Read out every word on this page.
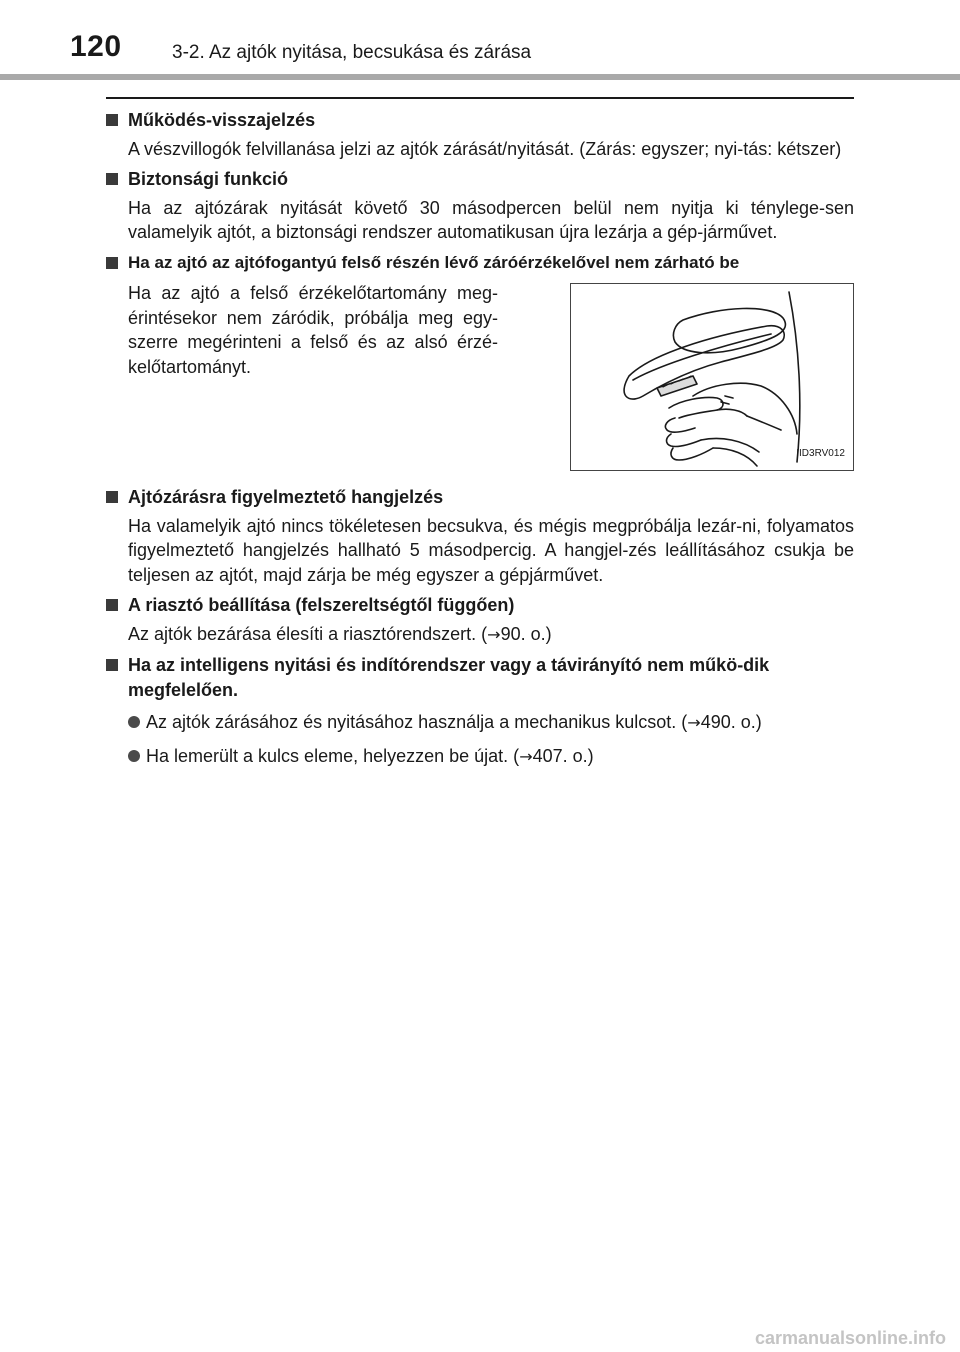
120	3-2. Az ajtók nyitása, becsukása és zárása
Működés-visszajelzés
A vészvillogók felvillanása jelzi az ajtók zárását/nyitását. (Zárás: egyszer; nyi-tás: kétszer)
Biztonsági funkció
Ha az ajtózárak nyitását követő 30 másodpercen belül nem nyitja ki ténylege-sen valamelyik ajtót, a biztonsági rendszer automatikusan újra lezárja a gép-járművet.
Ha az ajtó az ajtófogantyú felső részén lévő záróérzékelővel nem zárható be
Ha az ajtó a felső érzékelőtartomány meg-érintésekor nem záródik, próbálja meg egy-szerre megérinteni a felső és az alsó érzé-kelőtartományt.
IID3RV012
Ajtózárásra figyelmeztető hangjelzés
Ha valamelyik ajtó nincs tökéletesen becsukva, és mégis megpróbálja lezár-ni, folyamatos figyelmeztető hangjelzés hallható 5 másodpercig. A hangjel-zés leállításához csukja be teljesen az ajtót, majd zárja be még egyszer a gépjárművet.
A riasztó beállítása (felszereltségtől függően)
Az ajtók bezárása élesíti a riasztórendszert. (→90. o.)
Ha az intelligens nyitási és indítórendszer vagy a távirányító nem műkö-dik megfelelően.
Az ajtók zárásához és nyitásához használja a mechanikus kulcsot. (→490. o.)
Ha lemerült a kulcs eleme, helyezzen be újat. (→407. o.)
carmanualsonline.info
